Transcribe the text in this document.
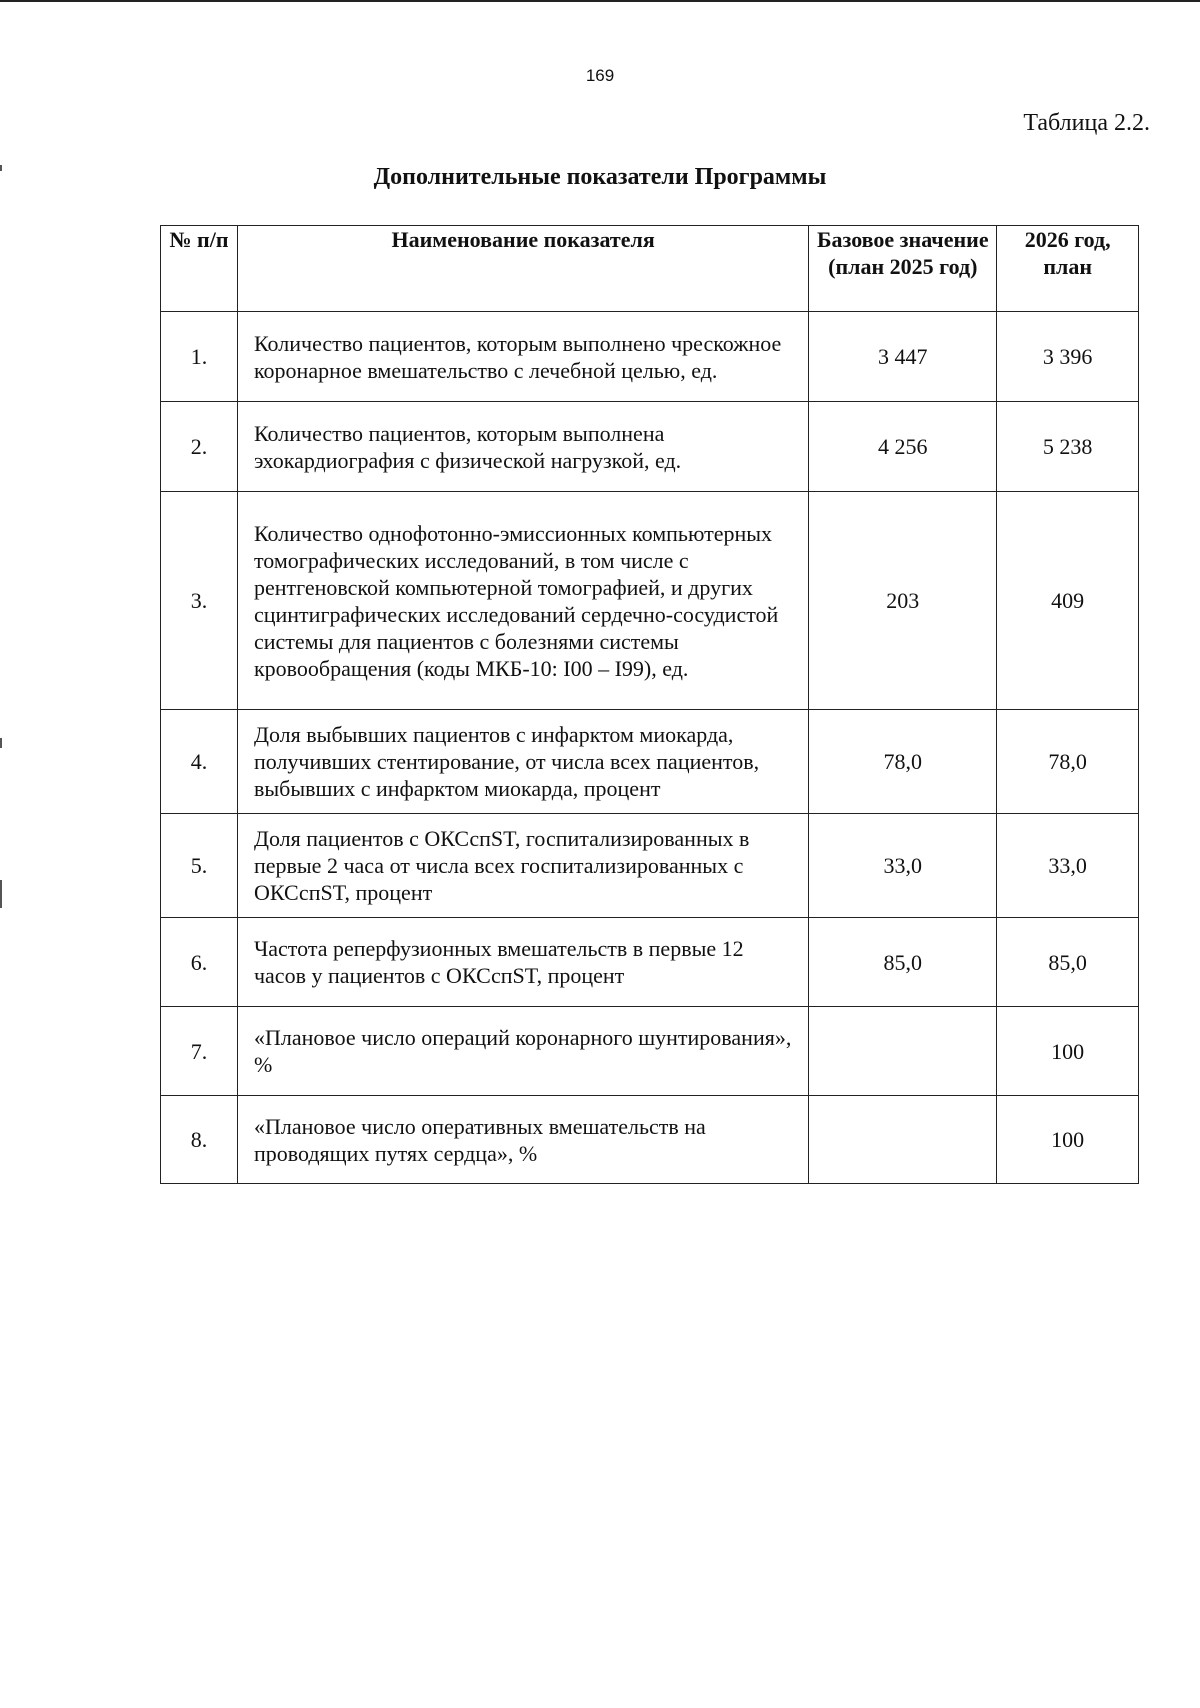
169
Таблица 2.2.
Дополнительные показатели Программы
№ п/п	Наименование показателя	Базовое значение (план 2025 год)	2026 год, план
1.	Количество пациентов, которым выполнено чрескожное коронарное вмешательство с лечебной целью, ед.	3 447	3 396
2.	Количество пациентов, которым выполнена эхокардиография с физической нагрузкой, ед.	4 256	5 238
3.	Количество однофотонно-эмиссионных компьютерных томографических исследований, в том числе с рентгеновской компьютерной томографией, и других сцинтиграфических исследований сердечно-сосудистой системы для пациентов с болезнями системы кровообращения (коды МКБ-10: I00 – I99), ед.	203	409
4.	Доля выбывших пациентов с инфарктом миокарда, получивших стентирование, от числа всех пациентов, выбывших с инфарктом миокарда, процент	78,0	78,0
5.	Доля пациентов с ОКСспST, госпитализированных в первые 2 часа от числа всех госпитализированных с ОКСспST, процент	33,0	33,0
6.	Частота реперфузионных вмешательств в первые 12 часов у пациентов с ОКСспST, процент	85,0	85,0
7.	«Плановое число операций коронарного шунтирования», %		100
8.	«Плановое число оперативных вмешательств на проводящих путях сердца», %		100
